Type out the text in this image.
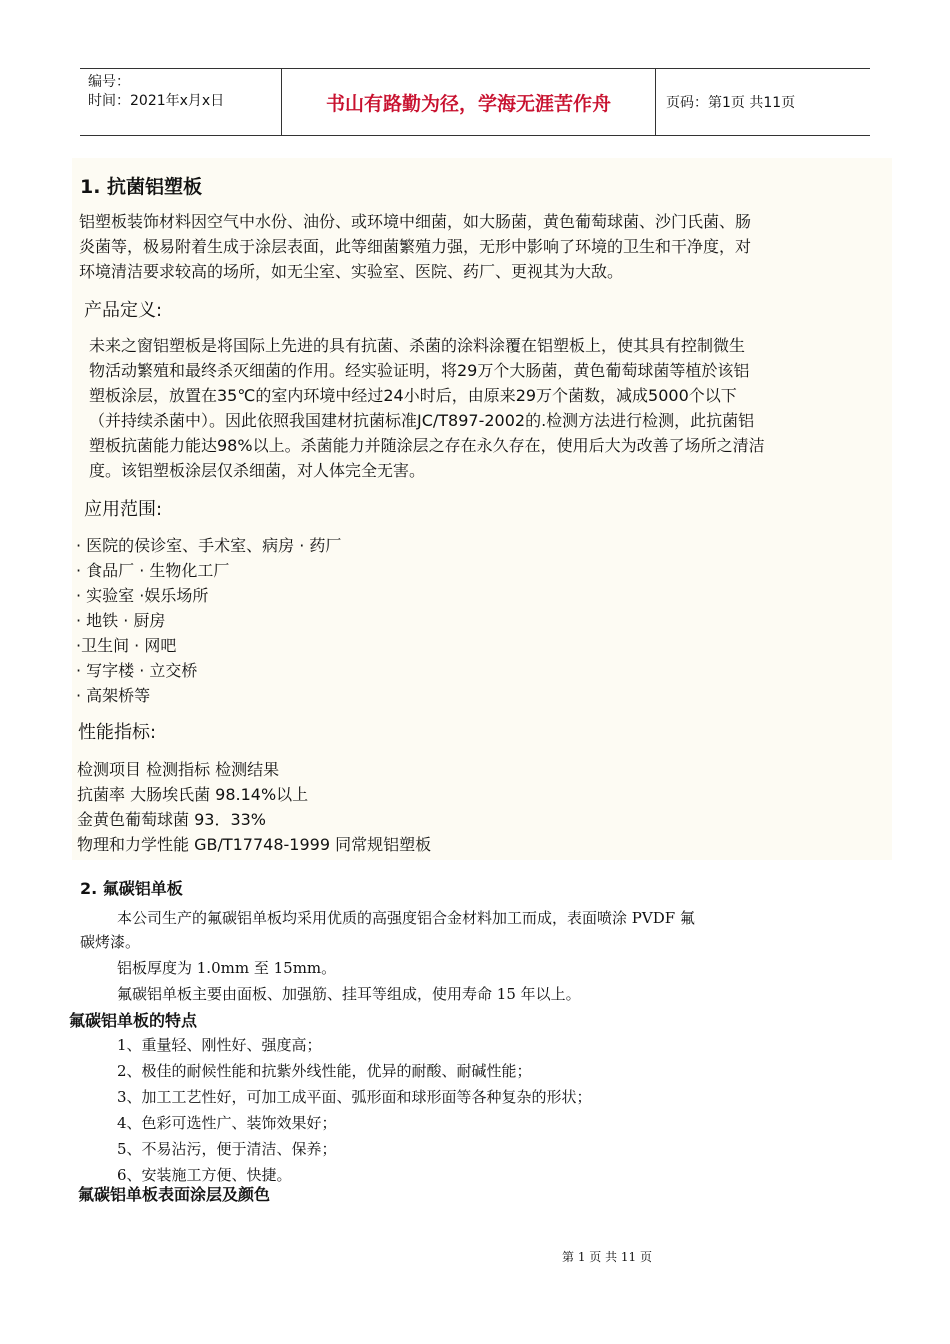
编号：
时间：2021年x月x日	书山有路勤为径，学海无涯苦作舟	页码：第1页 共11页
1. 抗菌铝塑板
铝塑板装饰材料因空气中水份、油份、或环境中细菌，如大肠菌，黄色葡萄球菌、沙门氏菌、肠
炎菌等，极易附着生成于涂层表面，此等细菌繁殖力强，无形中影响了环境的卫生和干净度，对
环境清洁要求较高的场所，如无尘室、实验室、医院、药厂、更视其为大敌。
产品定义:
未来之窗铝塑板是将国际上先进的具有抗菌、杀菌的涂料涂覆在铝塑板上，使其具有控制微生
物活动繁殖和最终杀灭细菌的作用。经实验证明，将29万个大肠菌，黄色葡萄球菌等植於该铝
塑板涂层，放置在35℃的室内环境中经过24小时后，由原来29万个菌数，减成5000个以下
（并持续杀菌中）。因此依照我国建材抗菌标准JC/T897-2002的.检测方法进行检测，此抗菌铝
塑板抗菌能力能达98%以上。杀菌能力并随涂层之存在永久存在，使用后大为改善了场所之清洁
度。该铝塑板涂层仅杀细菌，对人体完全无害。
应用范围:
· 医院的侯诊室、手术室、病房 · 药厂
· 食品厂 · 生物化工厂
· 实验室 ·娱乐场所
· 地铁 · 厨房
·卫生间 · 网吧
· 写字楼 · 立交桥
· 高架桥等
性能指标:
检测项目 检测指标 检测结果
抗菌率 大肠埃氏菌 98.14%以上
金黄色葡萄球菌 93．33%
物理和力学性能 GB/T17748-1999 同常规铝塑板
2. 氟碳铝单板
本公司生产的氟碳铝单板均采用优质的高强度铝合金材料加工而成，表面喷涂 PVDF 氟
碳烤漆。
铝板厚度为 1.0mm 至 15mm。
氟碳铝单板主要由面板、加强筋、挂耳等组成，使用寿命 15 年以上。
氟碳铝单板的特点
1、重量轻、刚性好、强度高；
2、极佳的耐候性能和抗紫外线性能，优异的耐酸、耐碱性能；
3、加工工艺性好，可加工成平面、弧形面和球形面等各种复杂的形状；
4、色彩可选性广、装饰效果好；
5、不易沾污，便于清洁、保养；
6、安装施工方便、快捷。
氟碳铝单板表面涂层及颜色
第 1 页 共 11 页
